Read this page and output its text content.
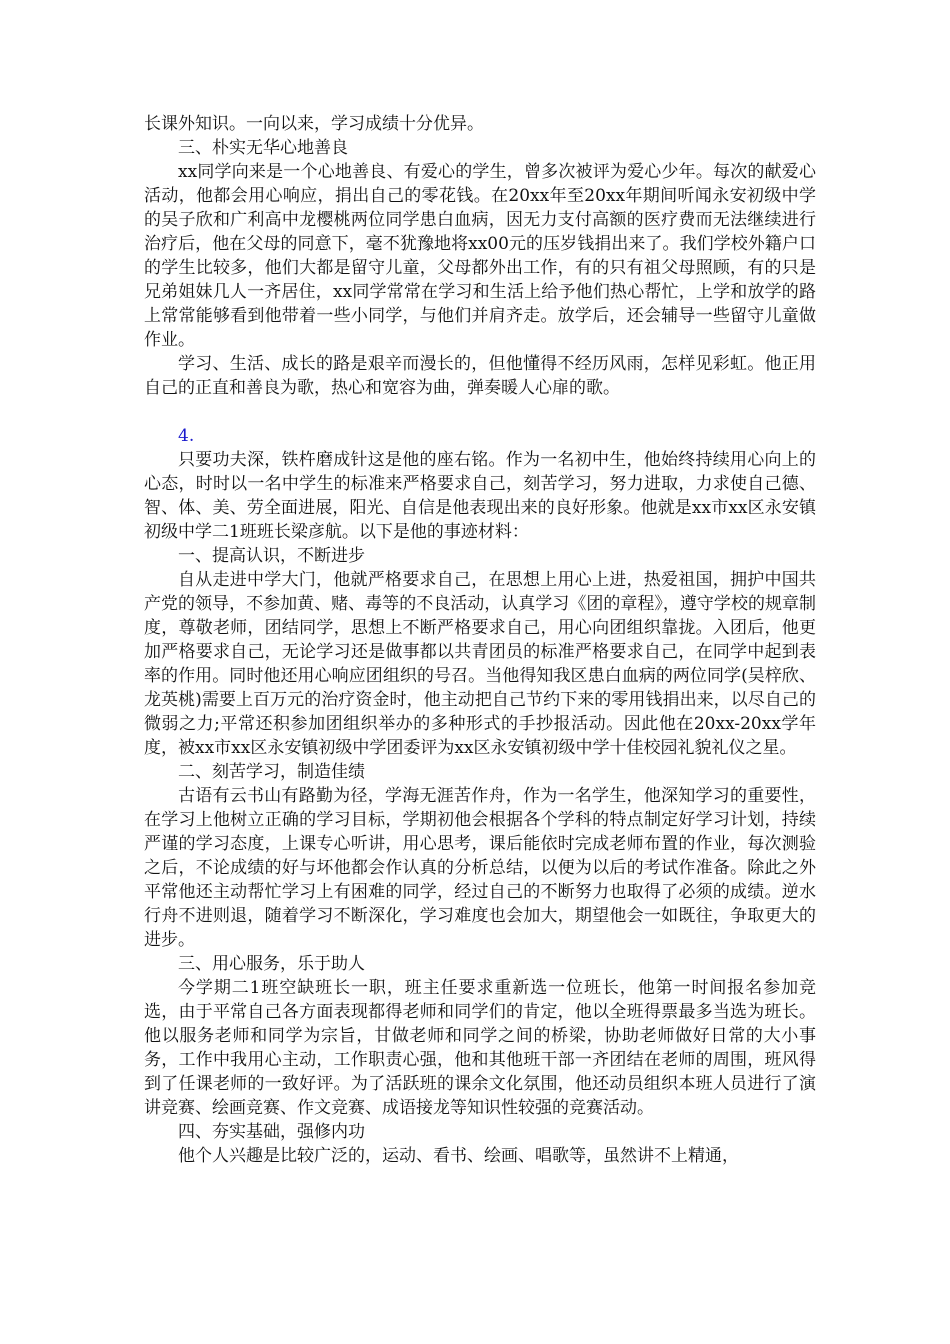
长课外知识。一向以来，学习成绩十分优异。

三、朴实无华心地善良

xx同学向来是一个心地善良、有爱心的学生，曾多次被评为爱心少年。每次的献爱心活动，他都会用心响应，捐出自己的零花钱。在20xx年至20xx年期间听闻永安初级中学的吴子欣和广利高中龙樱桃两位同学患白血病，因无力支付高额的医疗费而无法继续进行治疗后，他在父母的同意下，毫不犹豫地将xx00元的压岁钱捐出来了。我们学校外籍户口的学生比较多，他们大都是留守儿童，父母都外出工作，有的只有祖父母照顾，有的只是兄弟姐妹几人一齐居住，xx同学常常在学习和生活上给予他们热心帮忙，上学和放学的路上常常能够看到他带着一些小同学，与他们并肩齐走。放学后，还会辅导一些留守儿童做作业。

学习、生活、成长的路是艰辛而漫长的，但他懂得不经历风雨，怎样见彩虹。他正用自己的正直和善良为歌，热心和宽容为曲，弹奏暖人心扉的歌。

4.

只要功夫深，铁杵磨成针这是他的座右铭。作为一名初中生，他始终持续用心向上的心态，时时以一名中学生的标准来严格要求自己，刻苦学习，努力进取，力求使自己德、智、体、美、劳全面进展，阳光、自信是他表现出来的良好形象。他就是xx市xx区永安镇初级中学二1班班长梁彦航。以下是他的事迹材料：

一、提高认识，不断进步

自从走进中学大门，他就严格要求自己，在思想上用心上进，热爱祖国，拥护中国共产党的领导，不参加黄、赌、毒等的不良活动，认真学习《团的章程》，遵守学校的规章制度，尊敬老师，团结同学，思想上不断严格要求自己，用心向团组织靠拢。入团后，他更加严格要求自己，无论学习还是做事都以共青团员的标准严格要求自己，在同学中起到表率的作用。同时他还用心响应团组织的号召。当他得知我区患白血病的两位同学(吴梓欣、龙英桃)需要上百万元的治疗资金时，他主动把自己节约下来的零用钱捐出来，以尽自己的微弱之力;平常还积参加团组织举办的多种形式的手抄报活动。因此他在20xx-20xx学年度，被xx市xx区永安镇初级中学团委评为xx区永安镇初级中学十佳校园礼貌礼仪之星。

二、刻苦学习，制造佳绩

古语有云书山有路勤为径，学海无涯苦作舟，作为一名学生，他深知学习的重要性，在学习上他树立正确的学习目标，学期初他会根据各个学科的特点制定好学习计划，持续严谨的学习态度，上课专心听讲，用心思考，课后能依时完成老师布置的作业，每次测验之后，不论成绩的好与坏他都会作认真的分析总结，以便为以后的考试作准备。除此之外平常他还主动帮忙学习上有困难的同学，经过自己的不断努力也取得了必须的成绩。逆水行舟不进则退，随着学习不断深化，学习难度也会加大，期望他会一如既往，争取更大的进步。

三、用心服务，乐于助人

今学期二1班空缺班长一职，班主任要求重新选一位班长，他第一时间报名参加竞选，由于平常自己各方面表现都得老师和同学们的肯定，他以全班得票最多当选为班长。他以服务老师和同学为宗旨，甘做老师和同学之间的桥梁，协助老师做好日常的大小事务，工作中我用心主动，工作职责心强，他和其他班干部一齐团结在老师的周围，班风得到了任课老师的一致好评。为了活跃班的课余文化氛围，他还动员组织本班人员进行了演讲竞赛、绘画竞赛、作文竞赛、成语接龙等知识性较强的竞赛活动。

四、夯实基础，强修内功

他个人兴趣是比较广泛的，运动、看书、绘画、唱歌等，虽然讲不上精通，
